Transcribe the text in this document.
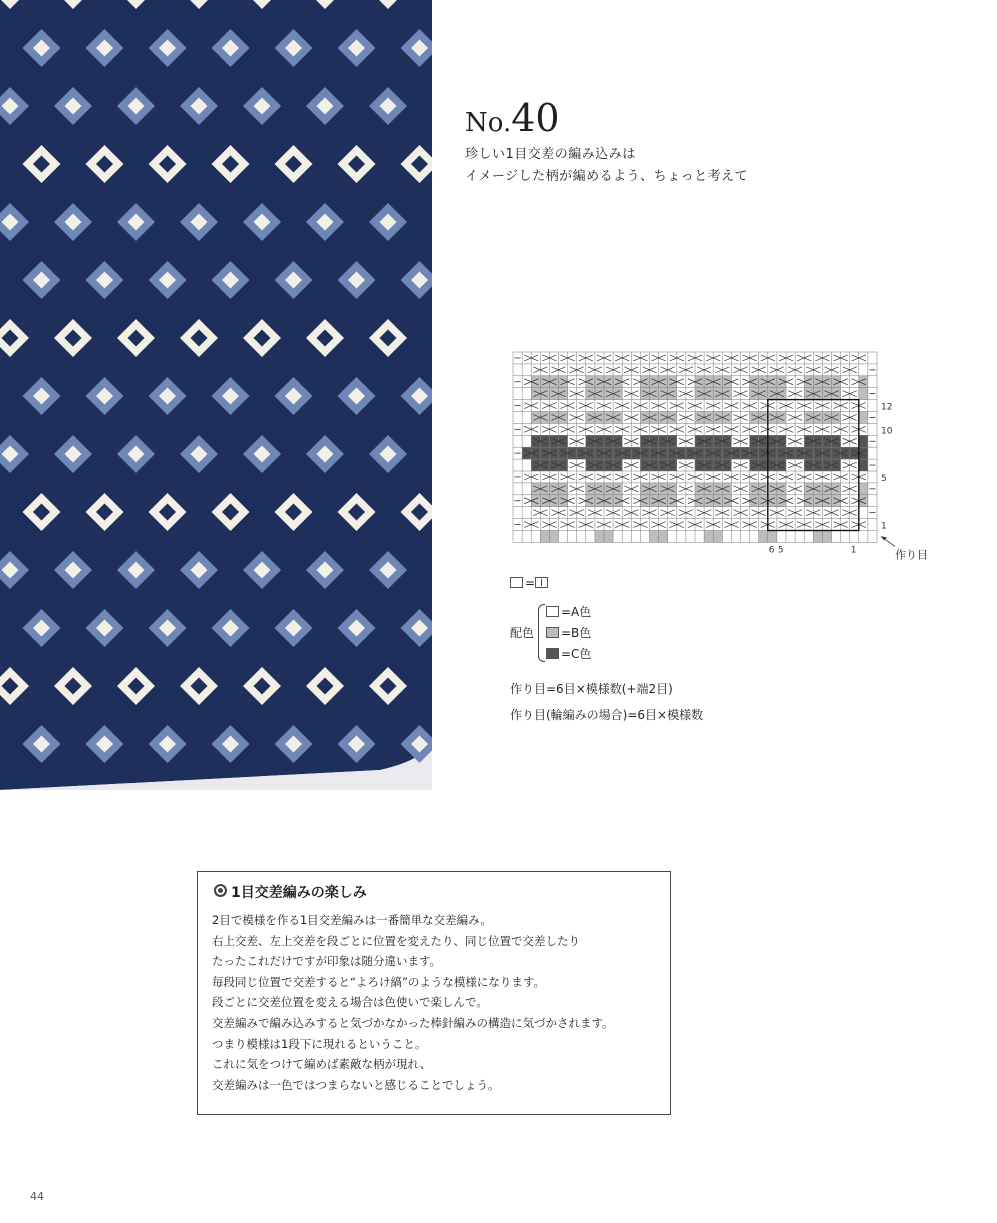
No.40
珍しい1目交差の編み込みは
イメージした柄が編めるよう、ちょっと考えて
12
10
5
1
6 5	1	作り目
=
配色
=A色
=B色
=C色
作り目=6目×模様数(+端2目)
作り目(輪編みの場合)=6目×模様数
1目交差編みの楽しみ
2目で模様を作る1目交差編みは一番簡単な交差編み。
右上交差、左上交差を段ごとに位置を変えたり、同じ位置で交差したり
たったこれだけですが印象は随分違います。
毎段同じ位置で交差すると“よろけ縞”のような模様になります。
段ごとに交差位置を変える場合は色使いで楽しんで。
交差編みで編み込みすると気づかなかった棒針編みの構造に気づかされます。
つまり模様は1段下に現れるということ。
これに気をつけて編めば素敵な柄が現れ、
交差編みは一色ではつまらないと感じることでしょう。
44
